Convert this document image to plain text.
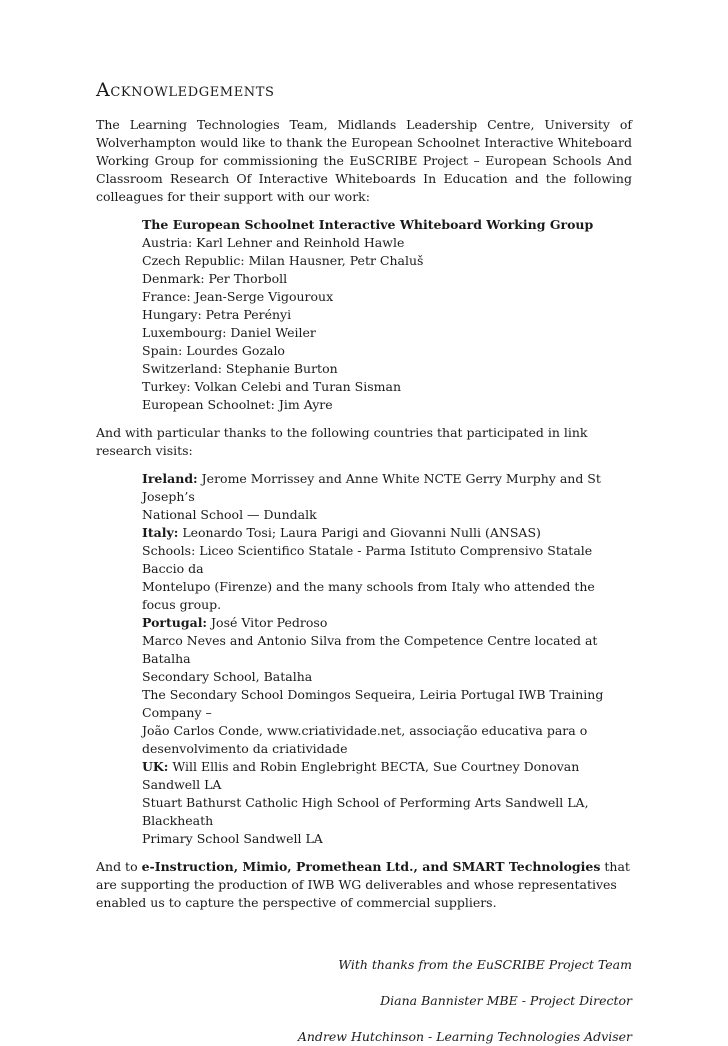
Acknowledgements

The Learning Technologies Team, Midlands Leadership Centre, University of Wolverhampton would like to thank the European Schoolnet Interactive Whiteboard Working Group for commissioning the EuSCRIBE Project – European Schools And Classroom Research Of Interactive Whiteboards In Education and the following colleagues for their support with our work:

The European Schoolnet Interactive Whiteboard Working Group
Austria: Karl Lehner and Reinhold Hawle
Czech Republic: Milan Hausner, Petr Chaluš
Denmark: Per Thorboll
France: Jean-Serge Vigouroux
Hungary: Petra Perényi
Luxembourg: Daniel Weiler
Spain: Lourdes Gozalo
Switzerland: Stephanie Burton
Turkey: Volkan Celebi and Turan Sisman
European Schoolnet: Jim Ayre

And with particular thanks to the following countries that participated in link research visits:

Ireland: Jerome Morrissey and Anne White NCTE Gerry Murphy and St Joseph’s
National School — Dundalk
Italy: Leonardo Tosi; Laura Parigi and Giovanni Nulli (ANSAS)
Schools: Liceo Scientifico Statale - Parma Istituto Comprensivo Statale Baccio da
Montelupo (Firenze) and the many schools from Italy who attended the focus group.
Portugal: José Vitor Pedroso
Marco Neves and Antonio Silva from the Competence Centre located at Batalha
Secondary School, Batalha
The Secondary School Domingos Sequeira, Leiria Portugal IWB Training Company –
João Carlos Conde, www.criatividade.net, associação educativa para o
desenvolvimento da criatividade
UK: Will Ellis and Robin Englebright BECTA, Sue Courtney Donovan Sandwell LA
Stuart Bathurst Catholic High School of Performing Arts Sandwell LA, Blackheath
Primary School Sandwell LA

And to e-Instruction, Mimio, Promethean Ltd., and SMART Technologies that are supporting the production of IWB WG deliverables and whose representatives enabled us to capture the perspective of commercial suppliers.

With thanks from the EuSCRIBE Project Team

Diana Bannister MBE - Project Director

Andrew Hutchinson - Learning Technologies Adviser
